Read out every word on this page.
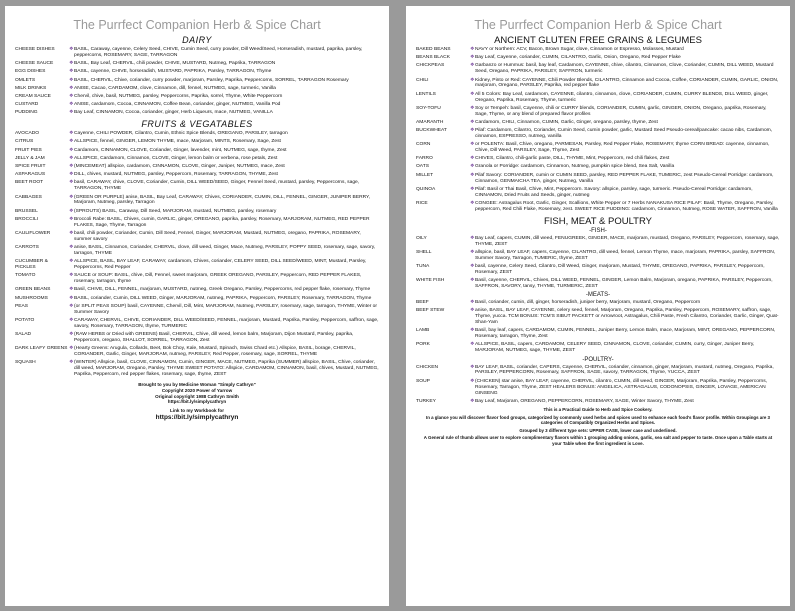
The Purrfect Companion Herb & Spice Chart
DAIRY
CHEESE DISHES	❖ BASIL, Caraway, cayenne, Celery Seed, CHIVE, Cumin Seed, curry powder, Dill Weed/Seed, Horseradish, mustard, paprika, parsley, peppercorns, ROSEMARY, SAGE, TARRAGON
CHEESE SAUCE	❖ BASIL, Bay Leaf, CHERVIL, chili powder, CHIVE, MUSTARD, Nutmeg, Paprika, TARRAGON
EGG DISHES	❖ BASIL, cayenne, CHIVE, horseradish, MUSTARD, PAPRIKA, Parsley, TARRAGON, Thyme
OMLETS	❖ BASIL, CHERVIL, Chive, coriander, curry powder, marjoram, Parsley, Paprika, Peppercorns, SORREL, TARRAGON Rosemary
MILK DRINKS	❖ ANISE, Cacao, CARDAMOM, clove, Cinnamon, dill, fennel, NUTMEG, sage, turmeric, Vanilla
CREAM SAUCE	❖ Chervil, chive, basil, NUTMEG, parsley, Peppercorns, Paprika, sorrel, Thyme, White Peppercorn
CUSTARD	❖ ANISE, cardamom, Cocoa, CINNAMON, Coffee Bean, coriander, ginger, NUTMEG, Vanilla Pod
PUDDING	❖ Bay Leaf, CINNAMON, Cocoa, coriander, ginger, Herb Liqueurs, mace, NUTMEG, VANILLA
FRUITS & VEGATABLES
AVOCADO	❖ Cayenne, CHILI POWDER, Cilantro, Cumin, Ethnic Spice Blends, OREGANO, PARSLEY, tarragon
CITRUS	❖ ALLSPICE, fennel, GINGER, LEMON THYME, mace, Marjoram, MINTS, Rosemary, Sage, Zest
FRUIT PIES	❖ Cardamom, CINNAMON, CLOVE, Coriander, Ginger, lavender, mint, NUTMEG, sage, thyme, Zest
JELLY & JAM	❖ ALLSPICE, Cardamom, Cinnamon, CLOVE, Ginger, lemon balm or verbena, rose petals, Zest
SPICE FRUIT	❖ (MINCEMEAT) allspice, cardamom, CINNAMON, CLOVE, Ginger, Juniper, NUTMEG, mace, Zest
ASPARAGUS	❖ DILL, chives, mustard, NUTMEG, parsley, Peppercorn, Rosemary, TARRAGON, THYME, Zest
BEET ROOT	❖ basil, CARAWAY, chive, CLOVE, Coriander, Cumin, DILL WEED/SEED, Ginger, Fennel Seed, mustard, parsley, Peppercorns, sage, TARRAGON, THYME
CABBAGES	❖ (GREEN OR PURPLE) anise, BASIL, Bay Leaf, CARAWAY, Chives, CORIANDER, CUMIN, DILL, FENNEL, GINGER, JUNIPER BERRY, Marjoram, Nutmeg, parsley, Tarragon
BRUSSEL	❖ (SPROUTS) BASIL, Caraway, Dill Seed, MARJORAM, mustard, NUTMEG, parsley, rosemary
BROCCILI	❖ Broccoli Rabe: BASIL, Chives, cumin, GARLIC, ginger, OREGANO, paprika, parsley, Rosemary, MARJORAM, NUTMEG, RED PEPPER FLAKES, Sage, Thyme, Tarragon
CAULIFLOWER	❖ basil, chili powder, Coriander, Cumin, Dill Seed, Fennel, Ginger, MARJORAM, Mustard, NUTMEG, oregano, PAPRIKA, ROSEMARY, summer savory
CARROTS	❖ anise, BASIL, Cinnamon, Coriander, CHERVIL, clove, dill weed, Ginger, Mace, Nutmeg, PARSLEY, POPPY SEED, rosemary, sage, savory, tarragon, THYME
CUCUMBER & PICKLES
❖ ALLSPICE, BASIL, BAY LEAF, CARAWAY, cardamom, Chives, coriander, CELERY SEED, DILL SEED/WEED, MINT, Mustard, Parsley, Peppercorns, Red Pepper
TOMATO	❖ SAUCE or SOUP: BASIL, chive, Dill, Fennel, sweet marjoram, GREEK OREGANO, PARSLEY, Peppercorn, RED PEPPER FLAKES, rosemary, tarragon, thyme
GREEN BEANS	❖ Basil, CHIVE, DILL, FENNEL, marjoram, MUSTARD, nutmeg, Greek Oregano, Parsley, Peppercorns, red pepper flake, rosemary, Thyme
MUSHROOMS	❖ BASIL, coriander, Cumin, DILL WEED, Ginger, MARJORAM, nutmeg, PAPRIKA, Peppercorn, PARSLEY, Rosemary, TARRAGON, Thyme
PEAS	❖ (or SPLIT PEAS SOUP) basil, CAYENNE, Chervil, Dill, Mint, MARJORAM, Nutmeg, PARSLEY, rosemary, sage, tarragon, THYME, Winter or Summer Savory
POTATO	❖ CARAWAY, CHERVIL, CHIVE, CORIANDER, DILL WEED/SEED, FENNEL, marjoram, Mustard, Paprika, Parsley, Peppercorn, saffron, sage, savory, Rosemary, TARRAGON, thyme, TURMERIC
SALAD	❖ (RAW HERBS or Dried with GREENS) Basil, CHERVIL, Chive, dill weed, lemon balm, Marjoram, Dijon Mustard, Parsley, paprika, Peppercorn, oregano, SHALLOT, SORREL, TARRAGON, Zest
DARK LEAFY GREENS ❖ (Hearty Greens: Arugula, Collards, Beet, Bok Choy, Kale, Mustard, Spinach, Swiss Chard etc.) Allspice, BASIL, borage, CHERVIL, CORIANDER, Garlic, Ginger, MARJORAM, nutmeg, PARSLEY, Red Pepper, rosemary, sage, SORREL, THYME
SQUASH	❖ (WINTER) Allspice, basil, CLOVE, CINNAMON, Cumin, GINGER, MACE, NUTMEG, Paprika (SUMMER) allspice, BASIL, Chive, coriander, dill weed, MARJORAM, Oregano, Parsley, THYME SWEET POTATO: Allspice, CARDAMOM, CINNAMON, basil, chives, Mustard, NUTMEG, Paprika, Peppercorn, red pepper flakes, rosemary, sage, thyme, ZEST
Brought to you by Medicine Woman "Simply Cathryn"
Copyright 2020 Power of Yarrow
Original copyright 1988 Cathryn Smith
https://bit.ly/simplycathryn
Link to my Workbook for
https://bit.ly/simplycathryn
The Purrfect Companion Herb & Spice Chart
ANCIENT GLUTEN FREE GRAINS & LEGUMES
BAKED BEANS	❖ NAVY or Northern: ACV, Bacon, Brown Sugar, clove, Cinnamon or Espresso, Molasses, Mustard
BEANS BLACK	❖ Bay Leaf, Cayenne, coriander, CUMIN, CILANTRO, Garlic, Onion, Oregano, Red Pepper Flake
CHICKPEAS	❖ Garbanzo or Hummus: basil, bay leaf, Cardamom, CAYENNE, chive, cilantro, Cinnamon, Clove, Coriander, CUMIN, DILL WEED, Mustard Seed, Oregano, PAPRIKA, PARSLEY, SAFFRON, turmeric
CHILI	❖ Kidney, Pinto or Red: CAYENNE, Chili Powder Blends, CILANTRO, Cinnamon and Cocoa, Coffee, CORIANDER, CUMIN, GARLIC, ONION, marjoram, Oregano, PARSLEY, Paprika, red pepper flake
LENTILS	❖ All 5 Colors: Bay Leaf, cardamom, CAYENNE, cilantro, cinnamon, clove, CORIANDER, CUMIN, CURRY BLENDS, DILL WEED, ginger, Oregano, Paprika, Rosemary, Thyme, turmeric
SOY-TOFU	❖ Soy or Tempeh: basil, Cayenne, chili or CURRY blends, CORIANDER, CUMIN, garlic, GINGER, ONION, Oregano, paprika, Rosemary, Sage, Thyme, or any blend of prepared flavor profiles
AMARANTH	❖ Cardamom, CHILI, Cinnamon, CUMIN, Garlic, Ginger, oregano, parsley, thyme, Zest
BUCKWHEAT	❖ Pilaf: Cardamom, Cilantro, Coriander, Cumin Seed, cumin powder, garlic, Mustard Seed Pseudo-cereal/pancake: cacao nibs, Cardamom, cinnamon, ESPRESSO, nutmeg, vanilla
CORN	❖ or POLENTA: Basil, Chive, oregano, PARMESAN, Parsley, Red Pepper Flake, ROSEMARY, thyme CORN BREAD: cayenne, cinnamon, Chive, Dill Weed, PARSLEY, Sage, Thyme, Zest
FARRO	❖ CHIVES, Cilantro, chili-garlic paste, DILL, THYME, Mint, Peppercorn, red chili flakes, Zest
OATS	❖ Granola or Porridge: cardamom, Cinnamon, Nutmeg, pumpkin spice blend, Sea Salt, Vanilla
MILLET	❖ Pilaf Savory: CORIANDER, cumin or CUMIN SEED, parsley, RED PEPPER FLAKE, TUMERIC, zest Pseudo-Cereal Porridge: cardamom, Cinnamon, GENMAICHA TEA, ginger, Nutmeg, Vanilla
QUINOA	❖ Pilaf: Basil or Thai Basil, Chive, Mint, Peppercorn. Savory: allspice, parsley, sage, turmeric. Pseudo-Cereal Porridge: cardamom, CINNAMON, Dried Fruits and Seeds, ginger, nutmeg
RICE	❖ CONGEE: Astragalus Root, Garlic, Ginger, Scallions, White Pepper or 7 Herbs NANAKUSA RICE PILAF: Basil, Thyme, Oregano, Parsley, peppercorn, Red Chili Flake, Rosemary, zest. SWEET RICE PUDDING: cardamom, Cinnamon, Nutmeg, ROSE WATER, SAFFRON, Vanilla
FISH, MEAT & POULTRY
-FISH-
OILY	❖ Bay Leaf, capers, CUMIN, dill weed, FENUGREEK, GINGER, MACE, marjoram, mustard, Oregano, PARSLEY, Peppercorn, rosemary, sage, THYME, ZEST
SHELL	❖ allspice, basil, BAY LEAF, capers, Cayenne, CILANTRO, dill weed, fennel, Lemon Thyme, mace, marjoram, PAPRIKA, parsley, SAFFRON, Summer Savory, Tarragon, TUMERIC, thyme, ZEST
TUNA	❖ basil, cayenne, Celery Seed, Cilantro, Dill Weed, Ginger, marjoram, Mustard, THYME, OREGANO, PAPRIKA, PARSLEY, Peppercorn, Rosemary, ZEST
WHITE FISH	❖ Basil, cayenne, CHERVIL, Chives, DILL WEED, FENNEL, GINGER, Lemon Balm, Marjoram, oregano, PAPRIKA, PARSLEY, Peppercorn, SAFFRON, SAVORY, tansy, THYME, TURMERIC, ZEST
-MEATS-
BEEF	❖ Basil, coriander, cumin, dill, ginger, horseradish, juniper berry, Marjoram, mustard, Oregano, Peppercorn
BEEF STEW	❖ anise, BASIL, BAY LEAF, CAYENNE, celery seed, fennel, Marjoram, Oregano, Paprika, Parsley, Peppercorn, ROSEMARY, saffron, sage, Thyme, yucca. TCM BONUS: TCM'S SIBUT PACKETT or Arrowroot, Astragalus, Chili Paste, Fresh Cilantro, Coriander, Garlic, Ginger, Quat-Shan-Yam
LAMB	❖ Basil, bay leaf, capers, CARDAMOM, CUMIN, FENNEL, Juniper Berry, Lemon Balm, mace, Marjoram, MINT, OREGANO, PEPPERCORN, Rosemary, tarragon, Thyme, Zest
PORK	❖ ALLSPICE, BASIL, capers, CARDAMOM, CELERY SEED, CINNAMON, CLOVE, coriander, CUMIN, curry, Ginger, Juniper Berry, MARJORAM, NUTMEG, sage, THYME, ZEST
-POULTRY-
CHICKEN	❖ BAY LEAF, BASIL, coriander, CAPERS, Cayenne, CHERVIL, coriander, cinnamon, ginger, Marjoram, mustard, nutmeg, Oregano, Paprika, PARSLEY, PEPPERCORN, Rosemary, SAFFRON, SAGE, savory, TARRAGON, Thyme, YUCCA, ZEST
SOUP	❖ (CHICKEN) star anise, BAY LEAF, cayenne, CHERVIL, cilantro, CUMIN, dill weed, GINGER, Marjoram, Paprika, Parsley, Peppercorns, Rosemary, Tarragon, Thyme, ZEST HEALERS BONUS: ANGELICA, ASTRAGALUS, CODONOPSIS, GINGER, LOVAGE, AMERICAN GINSENG
TURKEY	❖ Bay Leaf, Marjoram, OREGANO, PEPPERCORN, ROSEMARY, SAGE, Winter Savory, THYME, Zest
This is a Practical Guide to Herb and Spice Cookery.
In a glance you will discover flavor food groups, categorized by commonly used herbs and spices used to enhance each food's flavor profile. Within Groupings are 3 categories of Compatibly Organized Herbs and Spices.
Grouped by 3 different type sets: UPPER CASE, lower case and underlined.
A General rule of thumb allows user to explore complimentary flavors within 1 grouping adding onions, garlic, sea salt and pepper to taste. Once upon a Table starts at your Table when the first ingredient is Love.
